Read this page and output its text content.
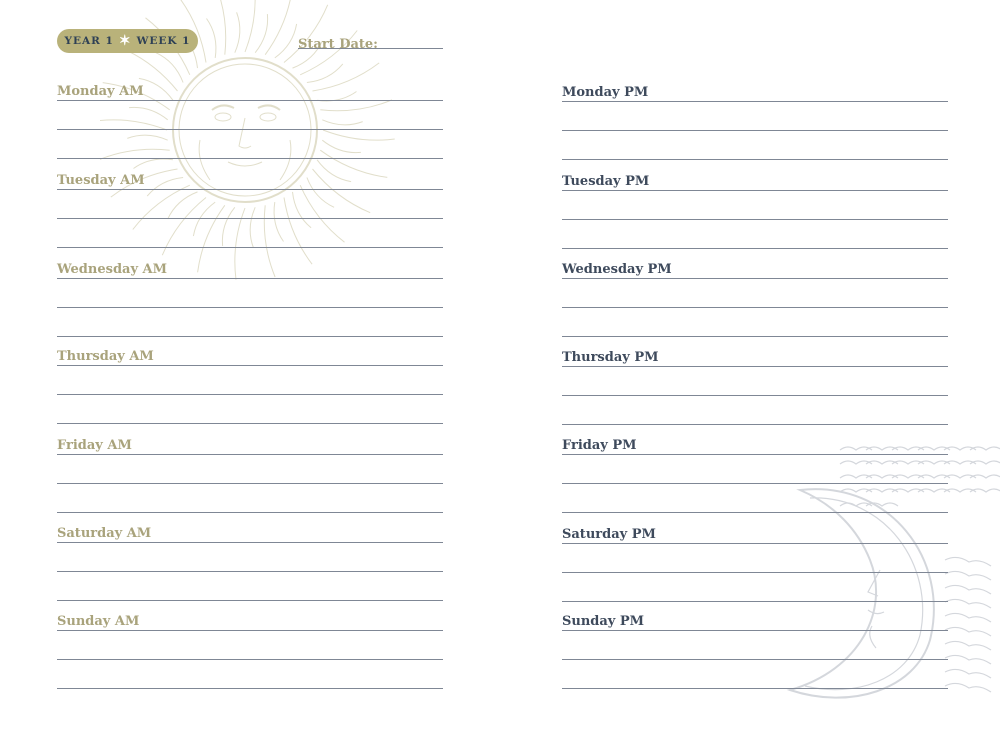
YEAR 1 ✶ WEEK 1	Start Date:
Monday AM
Tuesday AM
Wednesday AM
Thursday AM
Friday AM
Saturday AM
Sunday AM
Monday PM
Tuesday PM
Wednesday PM
Thursday PM
Friday PM
Saturday PM
Sunday PM
